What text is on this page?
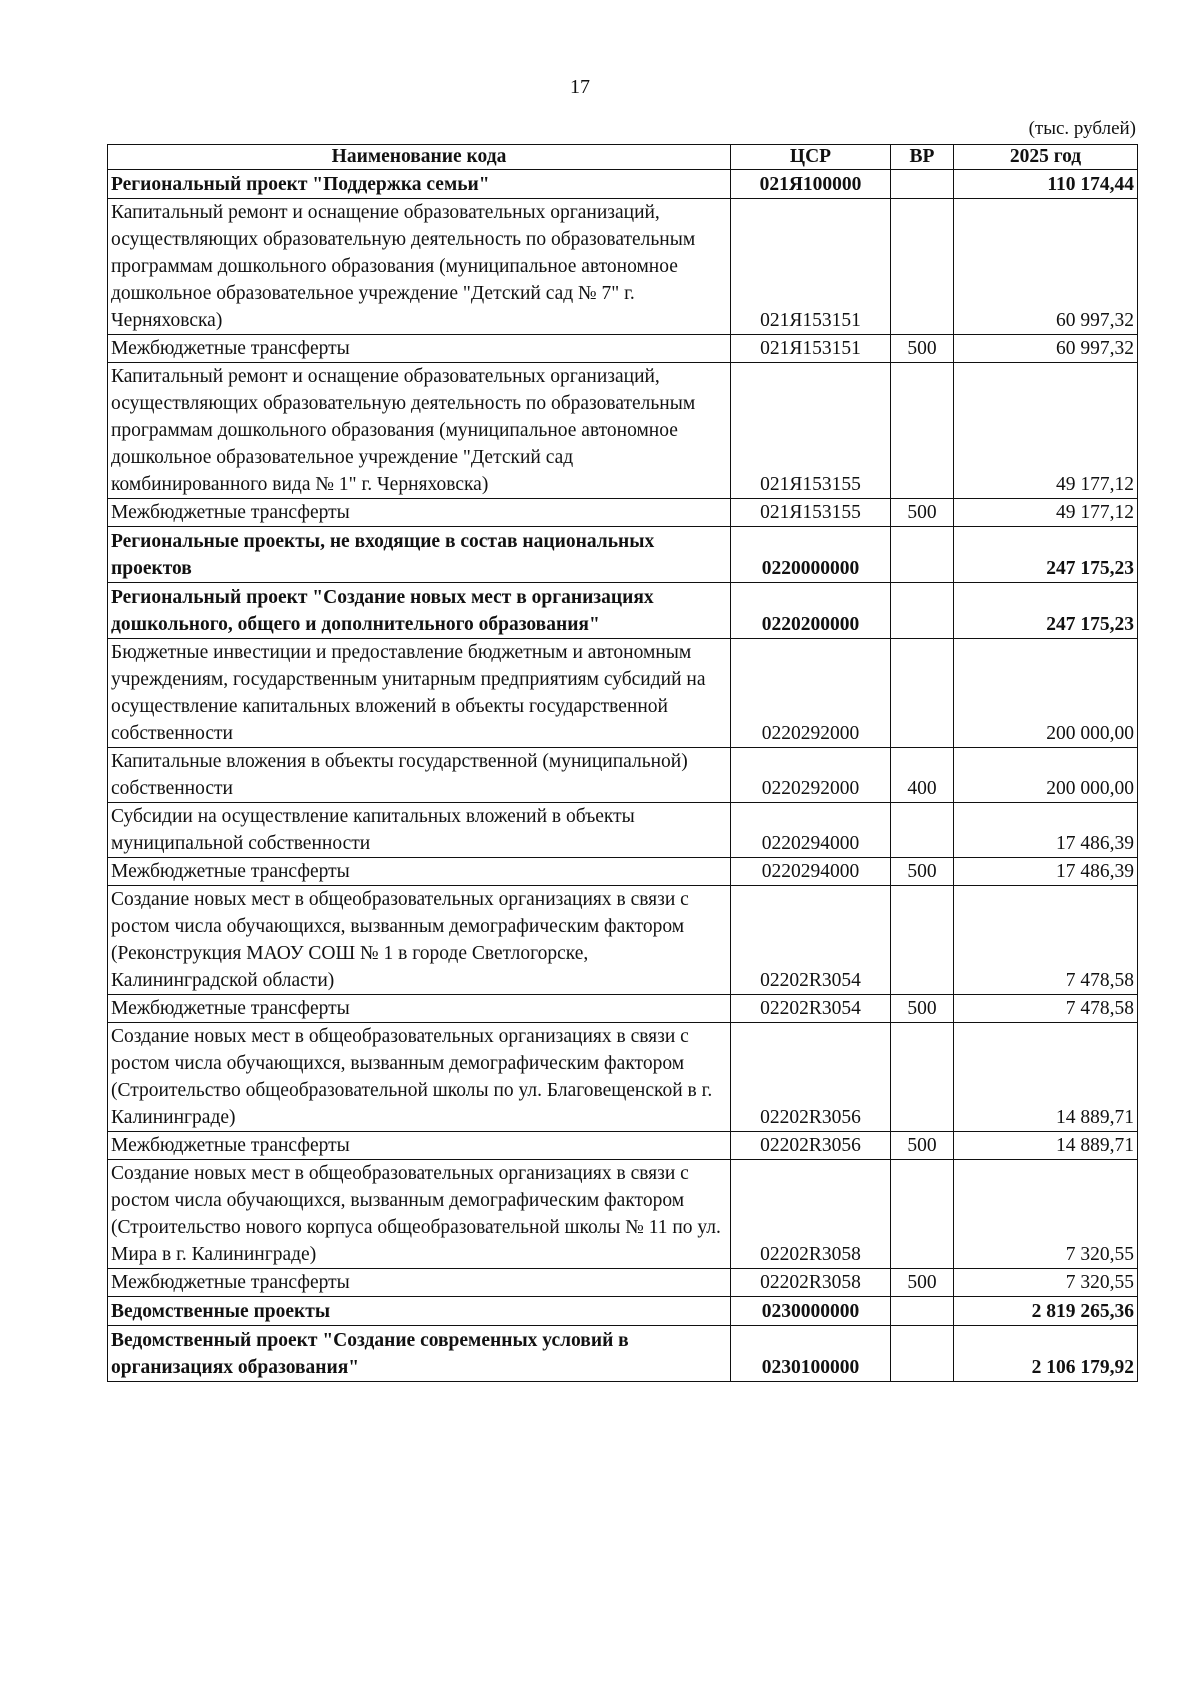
17
(тыс. рублей)
Наименование кода	ЦСР	ВР	2025 год
Региональный проект "Поддержка семьи"	021Я100000		110 174,44
Капитальный ремонт и оснащение образовательных организаций, осуществляющих образовательную деятельность по образовательным программам дошкольного образования (муниципальное автономное дошкольное образовательное учреждение "Детский сад № 7" г. Черняховска)	021Я153151		60 997,32
Межбюджетные трансферты	021Я153151	500	60 997,32
Капитальный ремонт и оснащение образовательных организаций, осуществляющих образовательную деятельность по образовательным программам дошкольного образования (муниципальное автономное дошкольное образовательное учреждение "Детский сад комбинированного вида № 1" г. Черняховска)	021Я153155		49 177,12
Межбюджетные трансферты	021Я153155	500	49 177,12
Региональные проекты, не входящие в состав национальных проектов	0220000000		247 175,23
Региональный проект "Создание новых мест в организациях дошкольного, общего и дополнительного образования"	0220200000		247 175,23
Бюджетные инвестиции и предоставление бюджетным и автономным учреждениям, государственным унитарным предприятиям субсидий на осуществление капитальных вложений в объекты государственной собственности	0220292000		200 000,00
Капитальные вложения в объекты государственной (муниципальной) собственности	0220292000	400	200 000,00
Субсидии на осуществление капитальных вложений в объекты муниципальной собственности	0220294000		17 486,39
Межбюджетные трансферты	0220294000	500	17 486,39
Создание новых мест в общеобразовательных организациях в связи с ростом числа обучающихся, вызванным демографическим фактором (Реконструкция МАОУ СОШ № 1 в городе Светлогорске, Калининградской области)	02202R3054		7 478,58
Межбюджетные трансферты	02202R3054	500	7 478,58
Создание новых мест в общеобразовательных организациях в связи с ростом числа обучающихся, вызванным демографическим фактором (Строительство общеобразовательной школы по ул. Благовещенской в г. Калининграде)	02202R3056		14 889,71
Межбюджетные трансферты	02202R3056	500	14 889,71
Создание новых мест в общеобразовательных организациях в связи с ростом числа обучающихся, вызванным демографическим фактором (Строительство нового корпуса общеобразовательной школы № 11 по ул. Мира в г. Калининграде)	02202R3058		7 320,55
Межбюджетные трансферты	02202R3058	500	7 320,55
Ведомственные проекты	0230000000		2 819 265,36
Ведомственный проект "Создание современных условий в организациях образования"	0230100000		2 106 179,92
